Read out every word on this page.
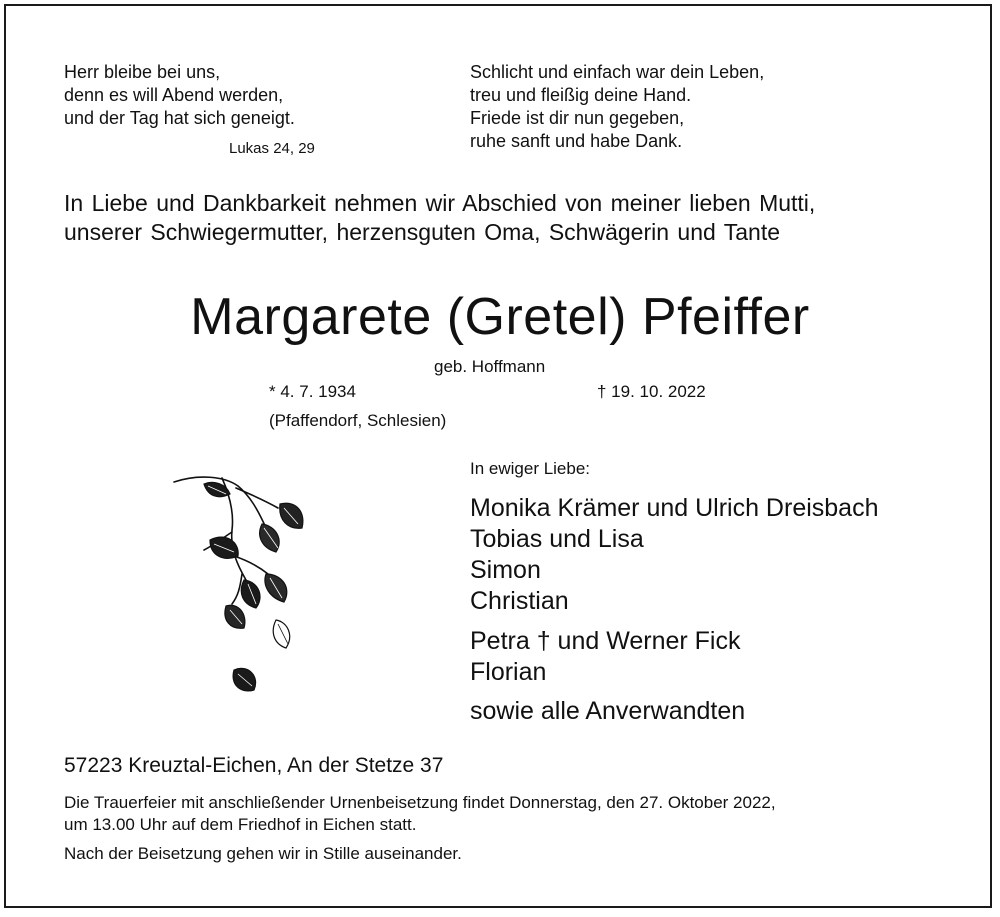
Herr bleibe bei uns,
denn es will Abend werden,
und der Tag hat sich geneigt.
Lukas 24, 29
Schlicht und einfach war dein Leben,
treu und fleißig deine Hand.
Friede ist dir nun gegeben,
ruhe sanft und habe Dank.
In Liebe und Dankbarkeit nehmen wir Abschied von meiner lieben Mutti,
unserer Schwiegermutter, herzensguten Oma, Schwägerin und Tante
Margarete (Gretel) Pfeiffer
geb. Hoffmann
* 4. 7. 1934	† 19. 10. 2022
(Pfaffendorf, Schlesien)
In ewiger Liebe:
Monika Krämer und Ulrich Dreisbach
Tobias und Lisa
Simon
Christian
Petra † und Werner Fick
Florian
sowie alle Anverwandten
57223 Kreuztal-Eichen, An der Stetze 37
Die Trauerfeier mit anschließender Urnenbeisetzung findet Donnerstag, den 27. Oktober 2022,
um 13.00 Uhr auf dem Friedhof in Eichen statt.
Nach der Beisetzung gehen wir in Stille auseinander.
